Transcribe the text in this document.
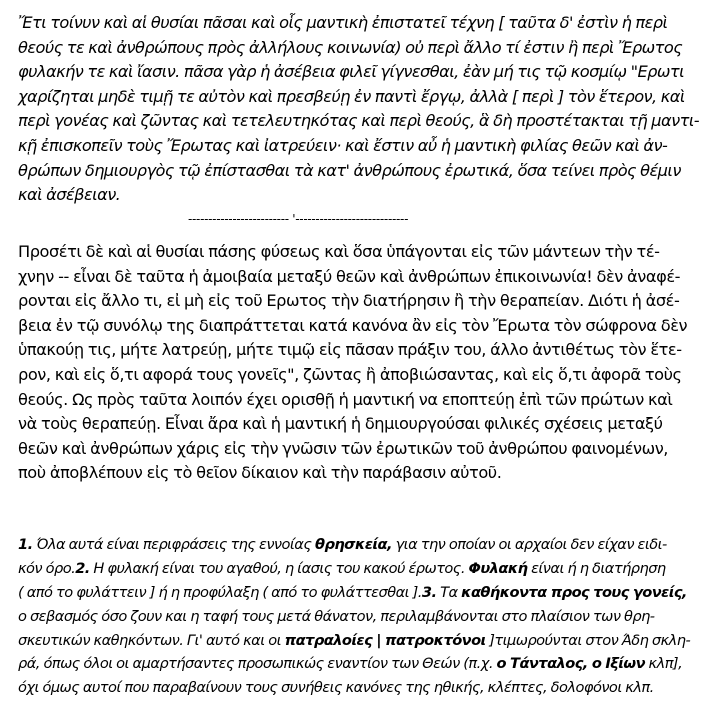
Ἔτι τοίνυν καὶ αἱ θυσίαι πᾶσαι καὶ οἷς μαντικὴ ἐπιστατεῖ τέχνη [ ταῦτα δ' ἐστὶν ἡ περὶ
θεούς τε καὶ ἀνθρώπους πρὸς ἀλλήλους κοινωνία) οὐ περὶ ἄλλο τί ἐστιν ἢ περὶ Ἔρωτος
φυλακήν τε καὶ ἴασιν. πᾶσα γὰρ ἡ ἀσέβεια φιλεῖ γίγνεσθαι, ἐὰν μή τις τῷ κοσμίῳ "Ερωτι
χαρίζηται μηδὲ τιμῇ τε αὐτὸν καὶ πρεσβεύῃ ἐν παντὶ ἔργῳ, ἀλλὰ [ περὶ ] τὸν ἕτερον, καὶ
περὶ γονέας καὶ ζῶντας καὶ τετελευτηκότας καὶ περὶ θεούς, ἃ δὴ προστέτακται τῇ μαντι-
κῇ ἐπισκοπεῖν τοὺς Ἔρωτας καὶ ἰατρεύειν· καὶ ἔστιν αὖ ἡ μαντικὴ φιλίας θεῶν καὶ ἀν-
θρώπων δημιουργὸς τῷ ἐπίστασθαι τὰ κατ' ἀνθρώπους ἐρωτικά, ὅσα τείνει πρὸς θέμιν
καὶ ἀσέβειαν.
------------------------- '----------------------------
Προσέτι δὲ καὶ αἱ θυσίαι πάσης φύσεως καὶ ὅσα ὑπάγονται εἰς τῶν μάντεων τὴν τέ-
χνην -- εἶναι δὲ ταῦτα ἡ ἀμοιβαία μεταξύ θεῶν καὶ ἀνθρώπων ἐπικοινωνία! δὲν ἀναφέ-
ρονται εἰς ἄλλο τι, εἰ μὴ εἰς τοῦ Ερωτος τὴν διατήρησιν ἢ τὴν θεραπείαν. Διότι ἡ ἀσέ-
βεια ἐν τῷ συνόλῳ της διαπράττεται κατά κανόνα ἂν εἰς τὸν Ἔρωτα τὸν σώφρονα δὲν
ὑπακούῃ τις, μήτε λατρεύῃ, μήτε τιμῷ εἰς πᾶσαν πράξιν του, άλλο ἀντιθέτως τὸν ἕτε-
ρον, καὶ εἰς ὅ,τι αφορά τους γονεῖς", ζῶντας ἢ ἀποβιώσαντας, καὶ εἰς ὅ,τι ἀφορᾶ τοὺς
θεούς. Ως πρὸς ταῦτα λοιπόν έχει ορισθῇ ἡ μαντική να εποπτεύῃ ἐπὶ τῶν πρώτων καὶ
νὰ τοὺς θεραπεύῃ. Εἶναι ἄρα καὶ ἡ μαντική ἡ δημιουργούσαι φιλικές σχέσεις μεταξύ
θεῶν καὶ ἀνθρώπων χάρις εἰς τὴν γνῶσιν τῶν ἐρωτικῶν τοῦ ἀνθρώπου φαινομένων,
ποὺ ἀποβλέπουν εἰς τὸ θεῖον δίκαιον καὶ τὴν παράβασιν αὐτοῦ.
1. Όλα αυτά είναι περιφράσεις της εννοίας θρησκεία, για την οποίαν οι αρχαίοι δεν είχαν ειδι-
κόν όρο.2. Η φυλακή είναι του αγαθού, η ίασις του κακού έρωτος. Φυλακή είναι ή η διατήρηση
( από το φυλάττειν ] ή η προφύλαξη ( από το φυλάττεσθαι ].3. Τα καθήκοντα προς τους γονείς,
ο σεβασμός όσο ζουν και η ταφή τους μετά θάνατον, περιλαμβάνονται στο πλαίσιον των θρη-
σκευτικών καθηκόντων. Γι' αυτό και οι πατραλοίες | πατροκτόνοι ]τιμωρούνται στον Άδη σκλη-
ρά, όπως όλοι οι αμαρτήσαντες προσωπικώς εναντίον των Θεών (π.χ. ο Τάνταλος, ο Ιξίων κλπ],
όχι όμως αυτοί που παραβαίνουν τους συνήθεις κανόνες της ηθικής, κλέπτες, δολοφόνοι κλπ.
